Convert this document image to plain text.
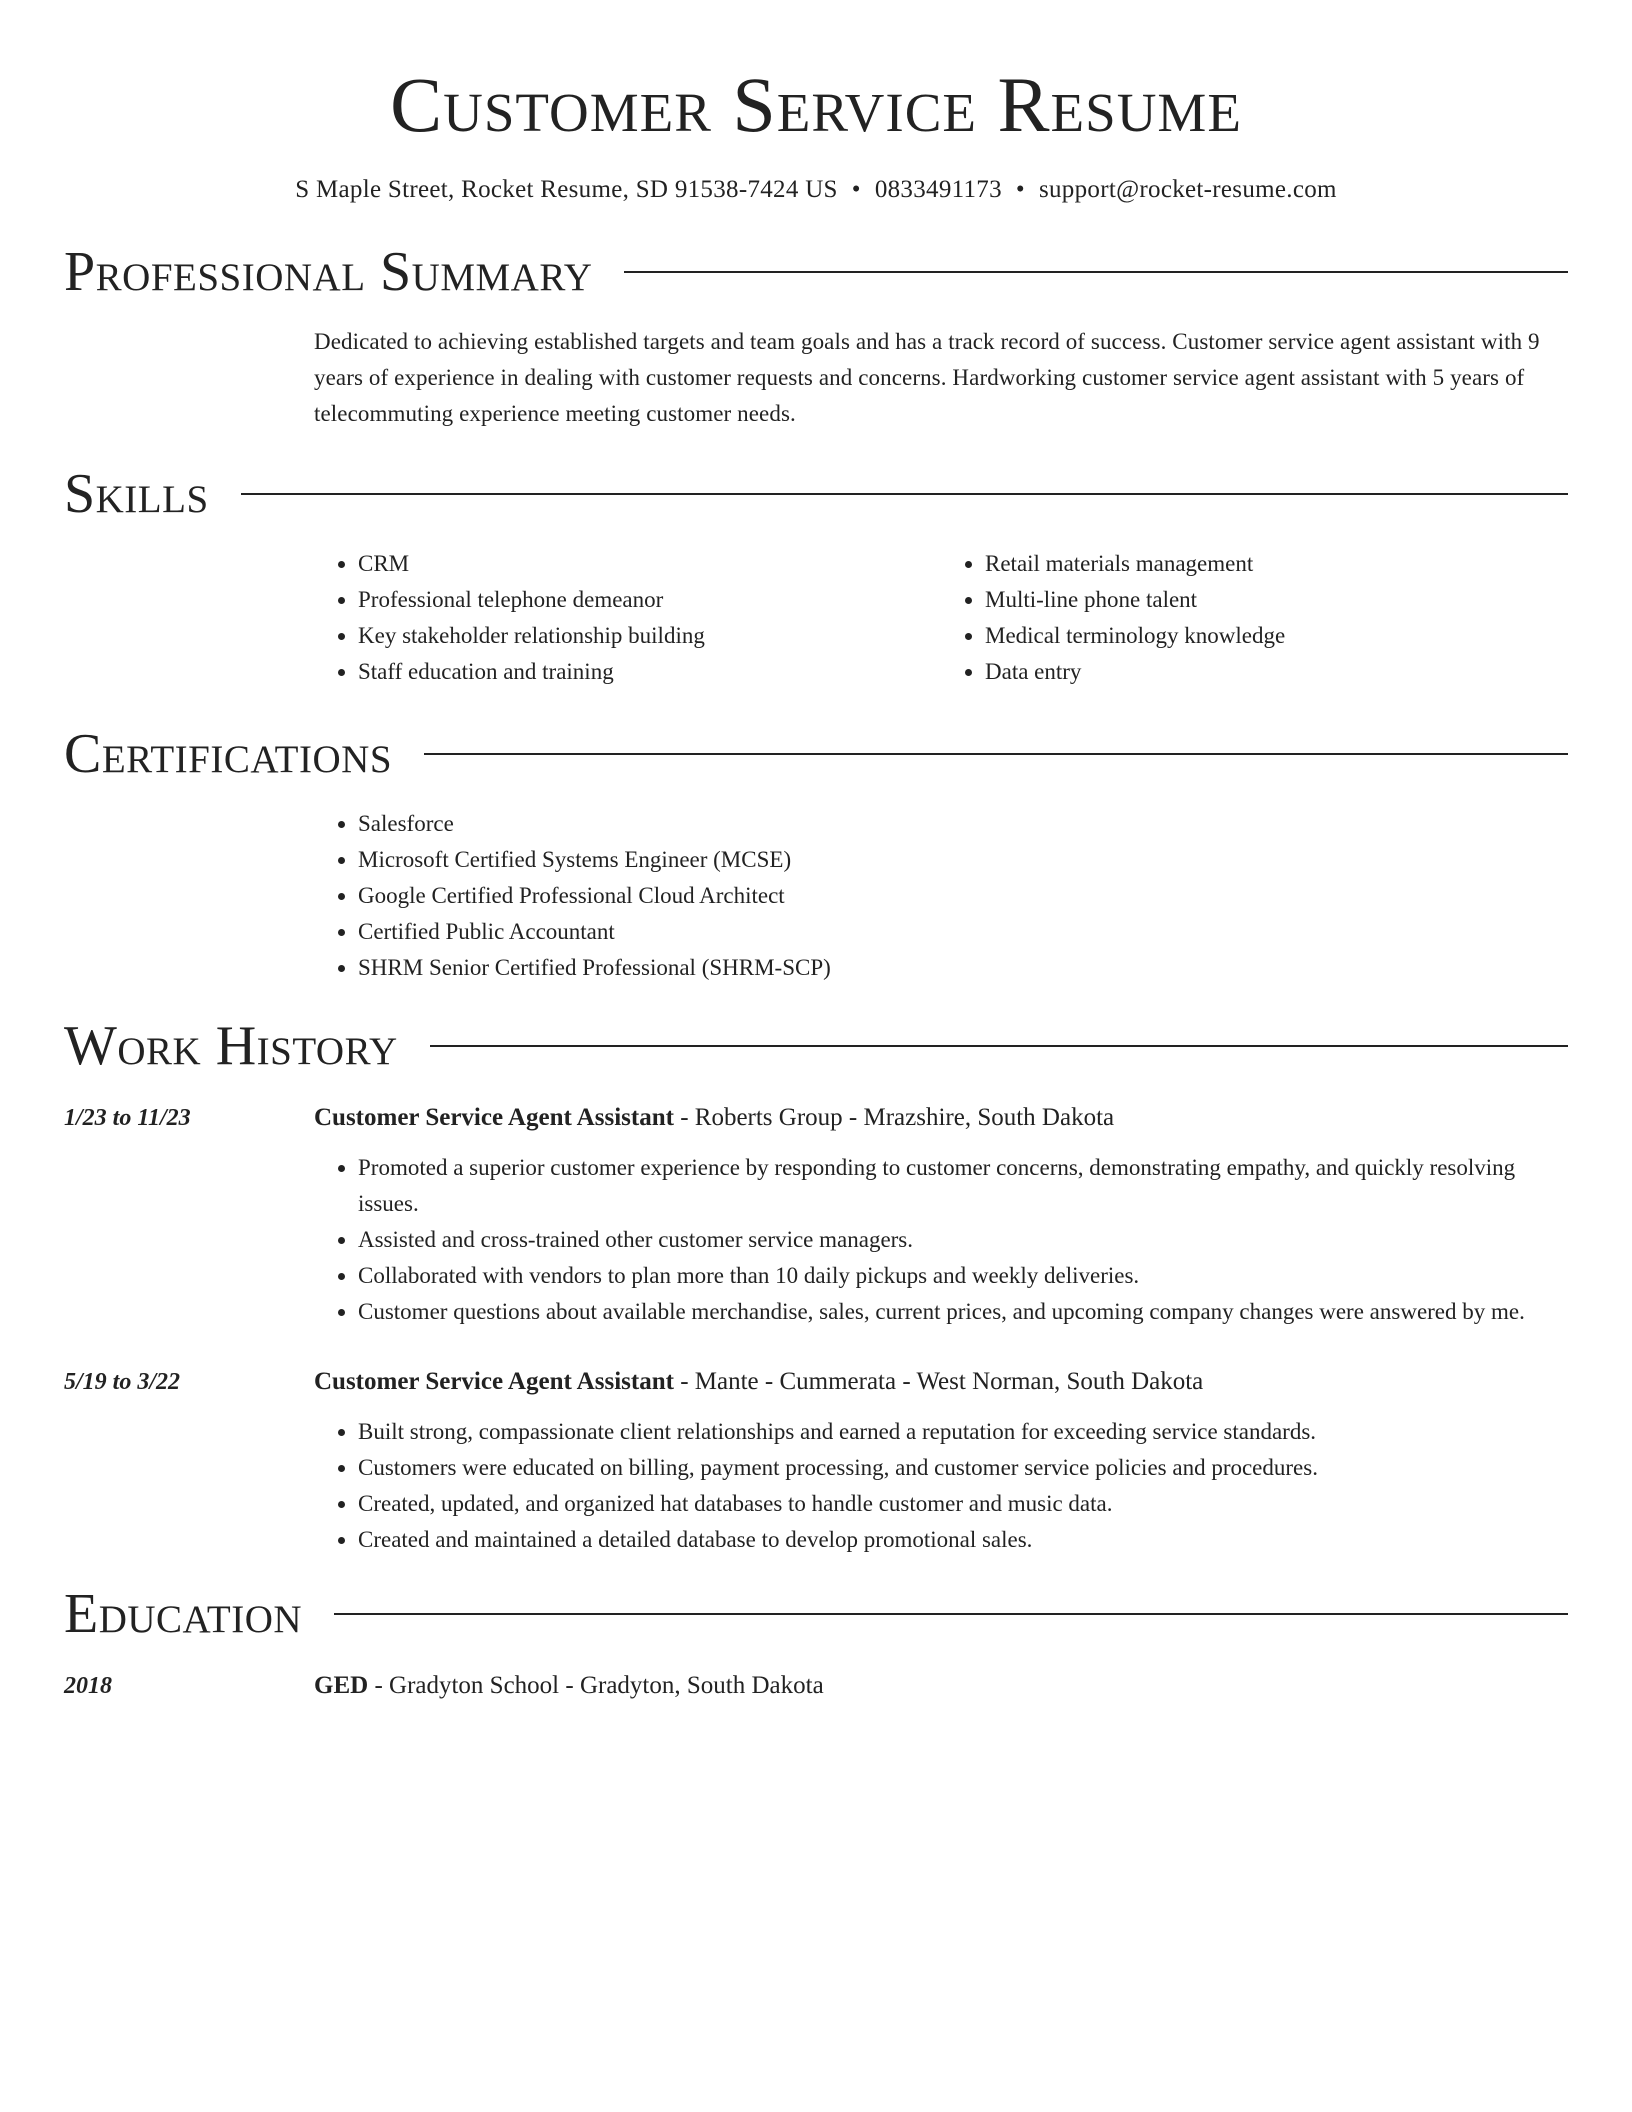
Customer Service Resume
S Maple Street, Rocket Resume, SD 91538-7424 US • 0833491173 • support@rocket-resume.com
Professional Summary
Dedicated to achieving established targets and team goals and has a track record of success. Customer service agent assistant with 9 years of experience in dealing with customer requests and concerns. Hardworking customer service agent assistant with 5 years of telecommuting experience meeting customer needs.
Skills
• CRM
• Professional telephone demeanor
• Key stakeholder relationship building
• Staff education and training
• Retail materials management
• Multi-line phone talent
• Medical terminology knowledge
• Data entry
Certifications
• Salesforce
• Microsoft Certified Systems Engineer (MCSE)
• Google Certified Professional Cloud Architect
• Certified Public Accountant
• SHRM Senior Certified Professional (SHRM-SCP)
Work History
1/23 to 11/23	Customer Service Agent Assistant - Roberts Group - Mrazshire, South Dakota
• Promoted a superior customer experience by responding to customer concerns, demonstrating empathy, and quickly resolving issues.
• Assisted and cross-trained other customer service managers.
• Collaborated with vendors to plan more than 10 daily pickups and weekly deliveries.
• Customer questions about available merchandise, sales, current prices, and upcoming company changes were answered by me.
5/19 to 3/22	Customer Service Agent Assistant - Mante - Cummerata - West Norman, South Dakota
• Built strong, compassionate client relationships and earned a reputation for exceeding service standards.
• Customers were educated on billing, payment processing, and customer service policies and procedures.
• Created, updated, and organized hat databases to handle customer and music data.
• Created and maintained a detailed database to develop promotional sales.
Education
2018	GED - Gradyton School - Gradyton, South Dakota
